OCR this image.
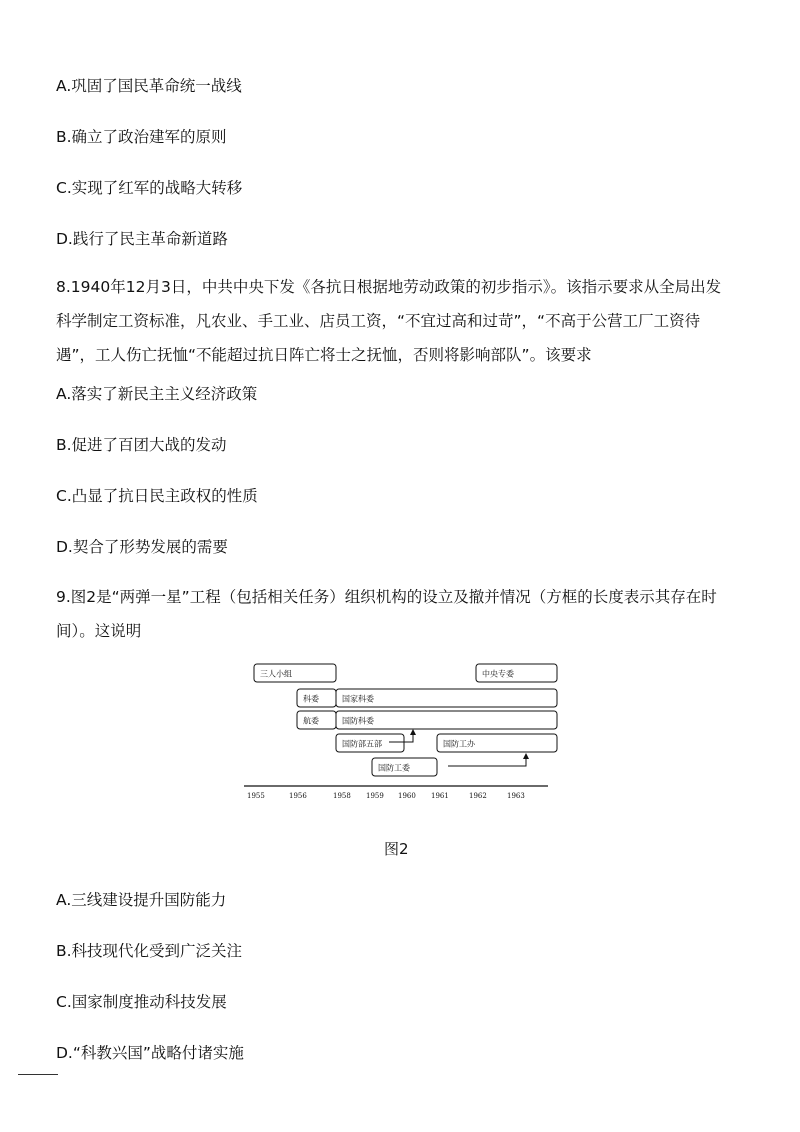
A.巩固了国民革命统一战线
B.确立了政治建军的原则
C.实现了红军的战略大转移
D.践行了民主革命新道路
8.1940年12月3日，中共中央下发《各抗日根据地劳动政策的初步指示》。该指示要求从全局出发
科学制定工资标准，凡农业、手工业、店员工资，“不宜过高和过苛”，“不高于公营工厂工资待
遇”，工人伤亡抚恤“不能超过抗日阵亡将士之抚恤，否则将影响部队”。该要求
A.落实了新民主主义经济政策
B.促进了百团大战的发动
C.凸显了抗日民主政权的性质
D.契合了形势发展的需要
9.图2是“两弹一星”工程（包括相关任务）组织机构的设立及撤并情况（方框的长度表示其存在时
间）。这说明
三人小组	中央专委
科委	国家科委
航委	国防科委
国防部五部	国防工办
国防工委
1955	1956	1958 1959 1960 1961	1962	1963
图2
A.三线建设提升国防能力
B.科技现代化受到广泛关注
C.国家制度推动科技发展
D.“科教兴国”战略付诸实施
